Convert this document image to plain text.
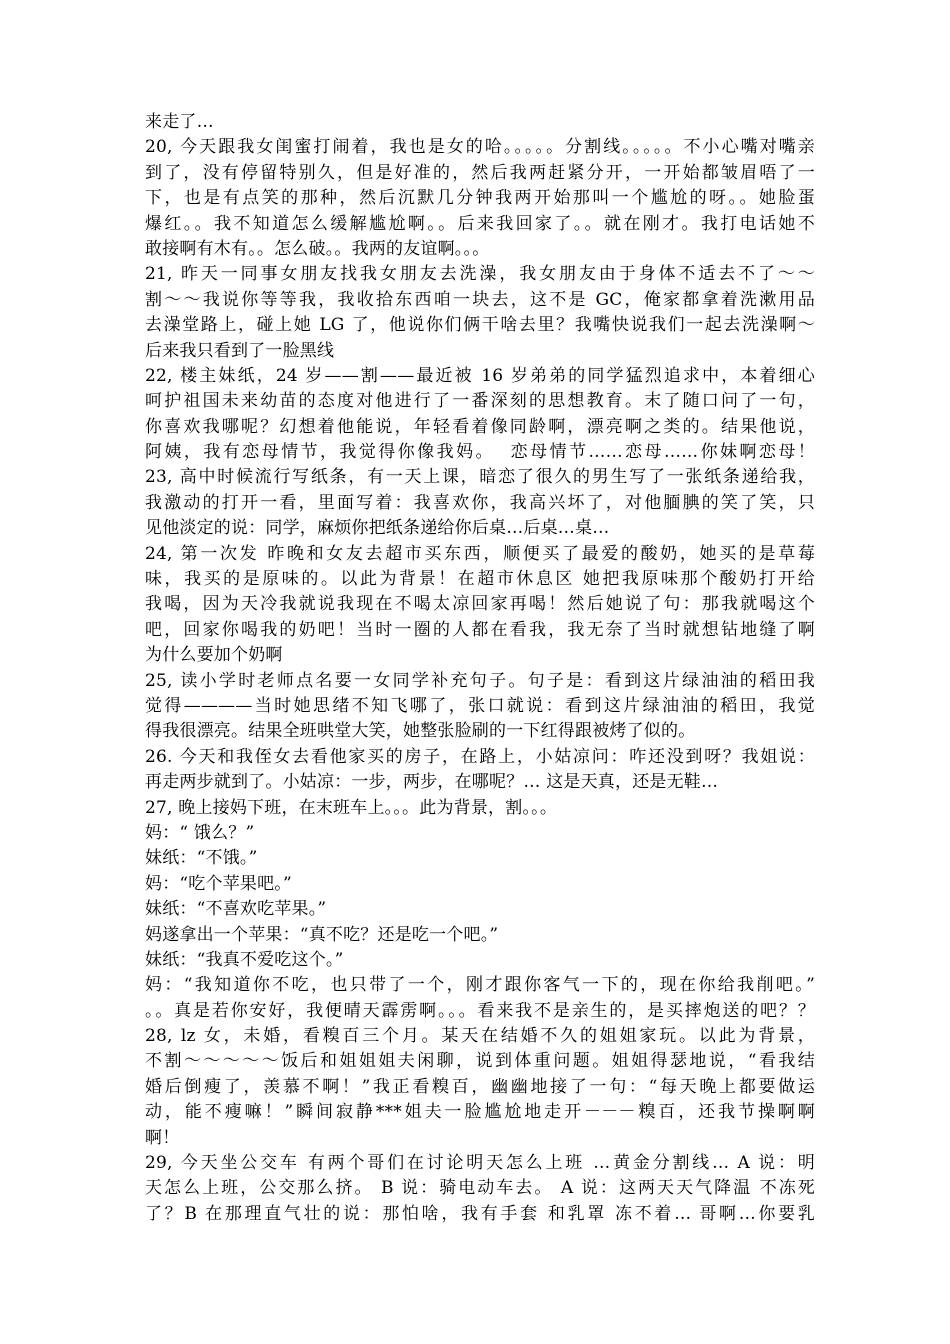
来走了…
20, 今天跟我女闺蜜打闹着，我也是女的哈。。。。。分割线。。。。。不小心嘴对嘴亲
到了，没有停留特别久，但是好准的，然后我两赶紧分开，一开始都皱眉唔了一
下，也是有点笑的那种，然后沉默几分钟我两开始那叫一个尴尬的呀。。她脸蛋
爆红。。我不知道怎么缓解尴尬啊。。后来我回家了。。就在刚才。我打电话她不
敢接啊有木有。。怎么破。。我两的友谊啊。。。
21, 昨天一同事女朋友找我女朋友去洗澡，我女朋友由于身体不适去不了～～
割～～我说你等等我，我收拾东西咱一块去，这不是 GC，俺家都拿着洗漱用品
去澡堂路上，碰上她 LG 了，他说你们俩干啥去里？我嘴快说我们一起去洗澡啊～
后来我只看到了一脸黑线
22, 楼主妹纸，24 岁——割——最近被 16 岁弟弟的同学猛烈追求中，本着细心
呵护祖国未来幼苗的态度对他进行了一番深刻的思想教育。末了随口问了一句，
你喜欢我哪呢？幻想着他能说，年轻看着像同龄啊，漂亮啊之类的。结果他说，
阿姨，我有恋母情节，我觉得你像我妈。  恋母情节……恋母……你妹啊恋母！
23, 高中时候流行写纸条，有一天上课，暗恋了很久的男生写了一张纸条递给我，
我激动的打开一看，里面写着：我喜欢你，我高兴坏了，对他腼腆的笑了笑，只
见他淡定的说：同学，麻烦你把纸条递给你后桌…后桌…桌…
24, 第一次发 昨晚和女友去超市买东西，顺便买了最爱的酸奶，她买的是草莓
味，我买的是原味的。以此为背景！在超市休息区 她把我原味那个酸奶打开给
我喝，因为天冷我就说我现在不喝太凉回家再喝！然后她说了句：那我就喝这个
吧，回家你喝我的奶吧！当时一圈的人都在看我，我无奈了当时就想钻地缝了啊
为什么要加个奶啊
25, 读小学时老师点名要一女同学补充句子。句子是：看到这片绿油油的稻田我
觉得————当时她思绪不知飞哪了，张口就说：看到这片绿油油的稻田，我觉
得我很漂亮。结果全班哄堂大笑，她整张脸刷的一下红得跟被烤了似的。
26. 今天和我侄女去看他家买的房子，在路上，小姑凉问：咋还没到呀？我姐说：
再走两步就到了。小姑凉：一步，两步，在哪呢？… 这是天真，还是无鞋…
27, 晚上接妈下班，在末班车上。。。此为背景，割。。。
妈：“ 饿么？”
妹纸：“不饿。”
妈：“吃个苹果吧。”
妹纸：“不喜欢吃苹果。”
妈遂拿出一个苹果：“真不吃？还是吃一个吧。”
妹纸：“我真不爱吃这个。”
妈：“我知道你不吃，也只带了一个，刚才跟你客气一下的，现在你给我削吧。”
。。真是若你安好，我便晴天霹雳啊。。。看来我不是亲生的，是买摔炮送的吧？？
28, lz 女，未婚，看糗百三个月。某天在结婚不久的姐姐家玩。以此为背景，
不割～～～～～饭后和姐姐姐夫闲聊，说到体重问题。姐姐得瑟地说，“看我结
婚后倒瘦了，羡慕不啊！”我正看糗百，幽幽地接了一句：“每天晚上都要做运
动，能不瘦嘛！”瞬间寂静***姐夫一脸尴尬地走开－－－糗百，还我节操啊啊
啊！
29, 今天坐公交车 有两个哥们在讨论明天怎么上班 …黄金分割线… A 说：明
天怎么上班，公交那么挤。 B 说：骑电动车去。 A 说：这两天天气降温 不冻死
了？B 在那理直气壮的说：那怕啥，我有手套 和乳罩 冻不着… 哥啊…你要乳
